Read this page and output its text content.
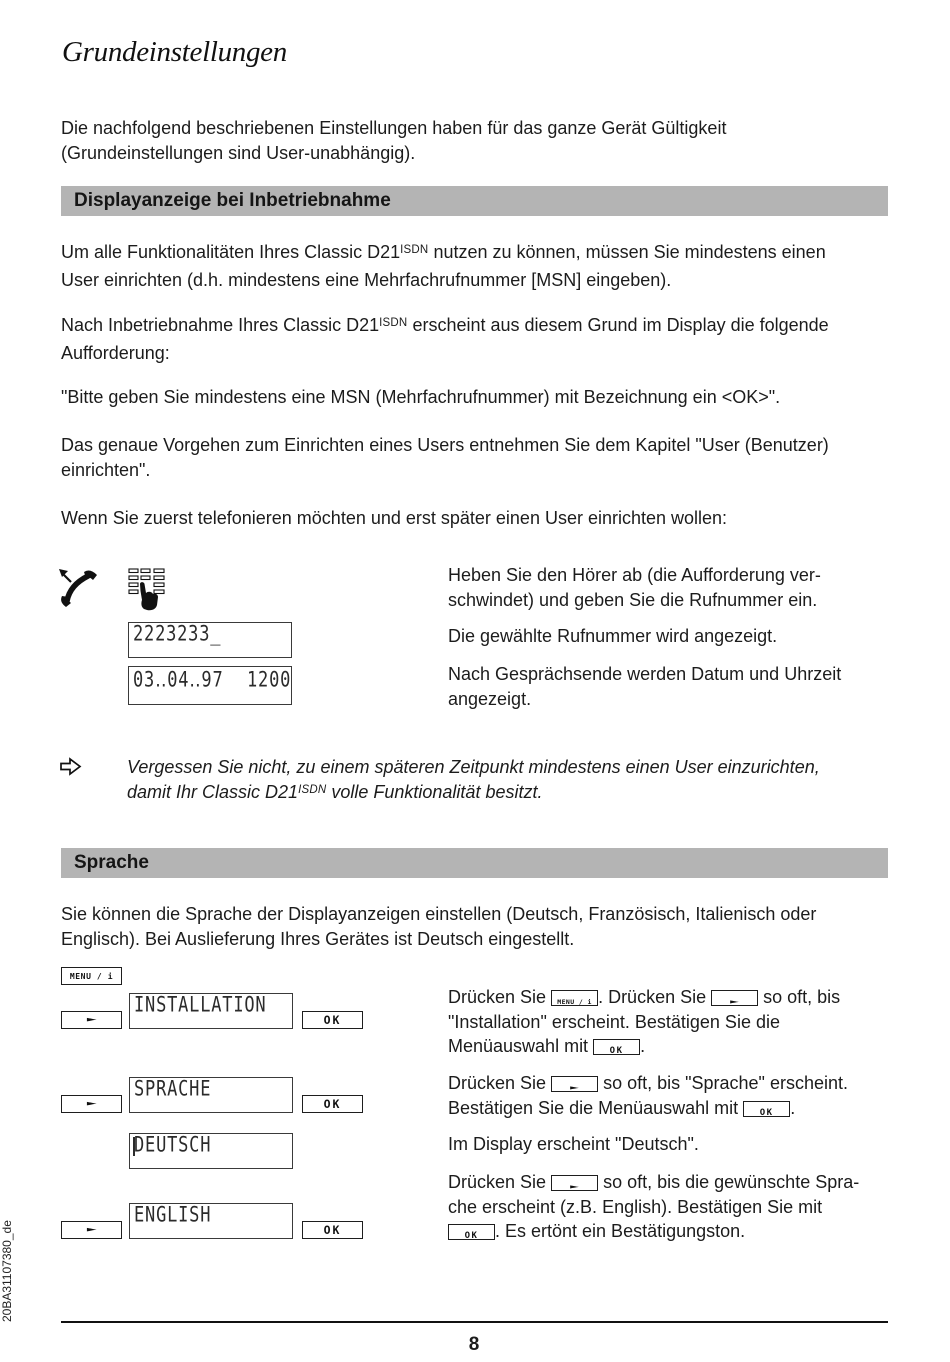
Grundeinstellungen
Die nachfolgend beschriebenen Einstellungen haben für das ganze Gerät Gültigkeit
(Grundeinstellungen sind User-unabhängig).
Displayanzeige bei Inbetriebnahme
Um alle Funktionalitäten Ihres Classic $D21^{ISDN}$ nutzen zu können, müssen Sie mindestens einen
User einrichten (d.h. mindestens eine Mehrfachrufnummer [MSN] eingeben).
Nach Inbetriebnahme Ihres Classic $D21^{ISDN}$ erscheint aus diesem Grund im Display die folgende
Aufforderung:
"Bitte geben Sie mindestens eine MSN (Mehrfachrufnummer) mit Bezeichnung ein <OK>".
Das genaue Vorgehen zum Einrichten eines Users entnehmen Sie dem Kapitel "User (Benutzer)
einrichten".
Wenn Sie zuerst telefonieren möchten und erst später einen User einrichten wollen:
2223233_
03‥04‥97 1200
Heben Sie den Hörer ab (die Aufforderung ver-
schwindet) und geben Sie die Rufnummer ein.
Die gewählte Rufnummer wird angezeigt.
Nach Gesprächsende werden Datum und Uhrzeit
angezeigt.
Vergessen Sie nicht, zu einem späteren Zeitpunkt mindestens einen User einzurichten,
damit Ihr Classic $D21^{ISDN}$ volle Funktionalität besitzt.
Sprache
Sie können die Sprache der Displayanzeigen einstellen (Deutsch, Französisch, Italienisch oder
Englisch). Bei Auslieferung Ihres Gerätes ist Deutsch eingestellt.
MENU / i
►
INSTALLATION
OK
►
SPRACHE
OK
DEUTSCH
►
ENGLISH
OK
Drücken Sie MENU / i . Drücken Sie	► so oft, bis
"Installation" erscheint. Bestätigen Sie die
Menüauswahl mit OK .
Drücken Sie	► so oft, bis "Sprache" erscheint.
Bestätigen Sie die Menüauswahl mit OK .
Im Display erscheint "Deutsch".
Drücken Sie	► so oft, bis die gewünschte Spra-
che erscheint (z.B. English). Bestätigen Sie mit
OK . Es ertönt ein Bestätigungston.
20BA31107380_de
8
